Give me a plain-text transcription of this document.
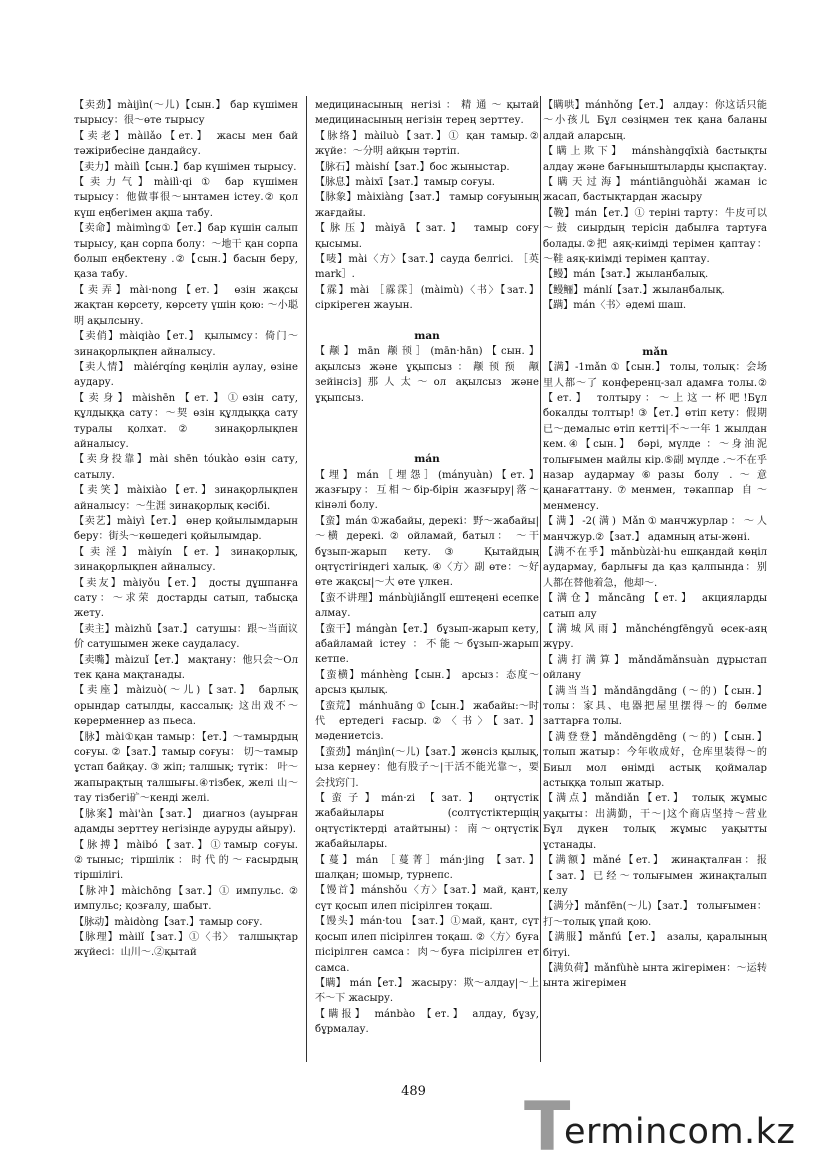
【卖劲】màijìn(～儿)【сын.】 бар күшімен тырысу：很～өте тырысу

【卖老】màilǎo【ет.】 жасы мен бай тәжірибесіне дандайсу.

【卖力】màilì【сын.】бар күшімен тырысу.

【卖力气】màilì·qi ① бар күшімен тырысу：他做事很～ынтамен істеу.② қол күш еңбегімен ақша табу.

【卖命】màimìng①【ет.】бар күшін салып тырысу, қан сорпа болу：～地干 қан сорпа болып еңбектену .②【сын.】басын беру, қаза табу.

【卖弄】mài·nong【ет.】 өзін жақсы жақтан көрсету, көрсету үшін қою: ～小聪明 ақылсыну.

【卖俏】màiqiào【ет.】 қылымсу：倚门～зинақорлықпен айналысу.

【卖人情】 màiérqíng көңілін аулау, өзіне аудару.

【卖身】màishēn【ет.】①өзін сату, құлдыққа сату：～契 өзін құлдыққа сату туралы қолхат.② зинақорлықпен айналысу.

【卖身投靠】mài shēn tóukào өзін сату, сатылу.

【卖笑】màixiào【ет.】зинақорлықпен айналысу：～生涯 зинақорлық кәсібі.

【卖艺】màiyì【ет.】 өнер қойылымдарын беру：街头～көшедегі қойылымдар.

【卖淫】màiyín【ет.】зинақорлық, зинақорлықпен айналысу.

【卖友】màiyǒu【ет.】 досты дұшпанға сату：～求荣 достарды сатып, табысқа жету.

【卖主】màizhǔ【зат.】 сатушы：跟～当面议价 сатушымен жеке саудаласу.

【卖嘴】màizuǐ【ет.】 мақтану：他只会～Ол тек қана мақтанады.

【卖座】màizuò(～儿)【зат.】 барлық орындар сатылды, кассалық: 这出戏不～көрерменнер аз пьеса.

【脉】mài①қан тамыр：【ет.】～тамырдың соғуы. ②【зат.】тамыр соғуы： 切～тамыр ұстап байқау. ③ жіп; талшық; түтік： 叶～ жапырақтың талшығы.④тізбек, желі 山～тау тізбегі矿～кенді желі.

【脉案】mài'àn【зат.】 диагноз (ауырған адамды зерттеу негізінде ауруды айыру).

【脉搏】màibó【зат.】①тамыр соғуы. ②тыныс; тіршілік：时代的～ғасырдың тіршілігі.

【脉冲】màichōng【зат.】① импульс. ② импульс; қозғалу, шабыт.

【脉动】màidòng【зат.】тамыр соғу.

【脉理】màilǐ【зат.】①〈书〉 талшықтар жүйесі：山川～.②қытай

медицинасының негізі：精通～қытай медицинасының негізін терең зерттеу.

【脉络】màiluò【зат.】① қан тамыр.② жүйе：～分明 айқын тәртіп.

【脉石】màishí【зат.】бос жыныстар.

【脉息】màixī【зат.】тамыр соғуы.

【脉象】màixiàng【зат.】 тамыр соғуының жағдайы.

【脉压】màiyā【зат.】 тамыр соғу қысымы.

【唛】mài〈方〉【зат.】сауда белгісі. ［英 mark］.

【霡】mài ［霡霂］(màimù)〈书〉【зат.】сіркіреген жауын.

man

【颟】mān 颟顸］(mān·hān)【сын.】 ақылсыз және ұқыпсыз：颟顸预 颟 зейінсіз]那人太～ол ақылсыз және ұқыпсыз.

mán

【埋】mán［埋怨］(mányuàn)【ет.】жазғыру：互相～бір-бірін жазғыру|落～кінәлі болу.

【蛮】mán ①жабайы, дерекі：野～жабайы| ～横 дерекі. ② ойламай, батыл： ～干 бұзып-жарып кету.③ Қытайдың оңтүстігіндегі халық. ④〈方〉副 өте：～好 өте жақсы|～大 өте үлкен.

【蛮不讲理】mánbùjiǎnglǐ ештеңені есепке алмау.

【蛮干】mángàn【ет.】 бұзып-жарып кету, абайламай істеу ：不能～бұзып-жарып кетпе.

【蛮横】mánhèng【сын.】 арсыз：态度～ арсыз қылық.

【蛮荒】 mánhuāng ①【сын.】 жабайы:～时代 ертедегі ғасыр.②〈书〉【зат.】мәдениетсіз.

【蛮劲】mánjìn(～儿)【зат.】жөнсіз қылық, ыза кернеу：他有股子～|干活不能光靠～，要会找窍门.

【蛮子】mán·zi 【зат.】 оңтүстік жабайылары (солтүстіктерщің оңтүстіктерді атайтыны)：南～оңтүстік жабайылары.

【蔓】mán ［蔓菁］mán·jing 【зат.】шалқан; шомыр, турнепс.

【馒首】mánshǒu〈方〉【зат.】май, қант, сүт қосып илеп пісірілген тоқаш.

【馒头】mán·tou 【зат.】①май, қант, сүт қосып илеп пісірілген тоқаш. ②〈方〉буға пісірілген самса：肉～буға пісірілген ет самса.

【瞒】 mán【ет.】 жасыру：欺～алдау|～上不～下 жасыру.

【瞒报】 mánbào 【ет.】 алдау, бұзу, бұрмалау.

【瞒哄】mánhǒng【ет.】 алдау：你这话只能～小孩儿 Бұл сөзіңмен тек қана баланы алдай аларсың.

【瞒上欺下】 mánshàngqīxià бастықты алдау және бағыныштыларды қыспақтау.

【瞒天过海】mántiānguòhǎi жаман іс жасап, бастықтардан жасыру

【鞔】mán【ет.】① теріні тарту：牛皮可以～鼓 сиырдың терісін дабылға тартуға болады.②把 аяқ-киімді терімен қаптау：～鞋 аяқ-киімді терімен қаптау.

【鳗】mán【зат.】жыланбалық.

【鳗鲡】mánlí【зат.】жыланбалық.

【蹒】mán〈书〉әдемі шаш.

mǎn

【满】-1mǎn ①【сын.】 толы, толық：会场里人都～了 конференц-зал адамға толы.②【ет.】 толтыру：～上这一杯吧!Бұл бокалды толтыр! ③【ет.】өтіп кету：假期已～демалыс өтіп кетті|不～一年 1 жылдан кем.④【сын.】 бәрі, мүлде ：～身油泥 толығымен майлы кір.⑤副 мүлде .～不在乎 назар аудармау⑥разы болу .～意 қанағаттану.⑦менмен, тәкаппар 自～менменсу.

【满】-2(满) Mǎn①манчжурлар：～人 манчжур.②【зат.】 адамның аты-жөні.

【满不在乎】mǎnbùzài·hu ешқандай көңіл аудармау, барлығы да қаз қалпында：别人都在替他着急，他却～.

【满仓】mǎncāng【ет.】 акцияларды сатып алу

【满城风雨】mǎnchéngfēngyǔ өсек-аяң жүру.

【满打满算】mǎndǎmǎnsuàn дұрыстап ойлану

【满当当】mǎndāngdāng (～的)【сын.】толы：家具、电器把屋里摆得～的 бөлме заттарға толы.

【满登登】mǎndēngdēng (～的)【сын.】толып жатыр：今年收成好，仓库里装得～的 Биыл мол өнімді астық қоймалар астыққа толып жатыр.

【满点】mǎndiǎn【ет.】 толық жұмыс уақыты：出满勤，干～|这个商店坚持～营业 Бұл дүкен толық жұмыс уақытты ұстанады.

【满额】mǎné【ет.】 жинақталған：报【зат.】已经～толығымен жинақталып келу

【满分】mǎnfēn(～儿)【зат.】 толығымен：打～толық ұпай қою.

【满服】mǎnfú【ет.】 азалы, қаралының бітуі.

【满负荷】mǎnfùhè ынта жігерімен：～运转 ынта жігерімен

489	T
ermincom.kz
